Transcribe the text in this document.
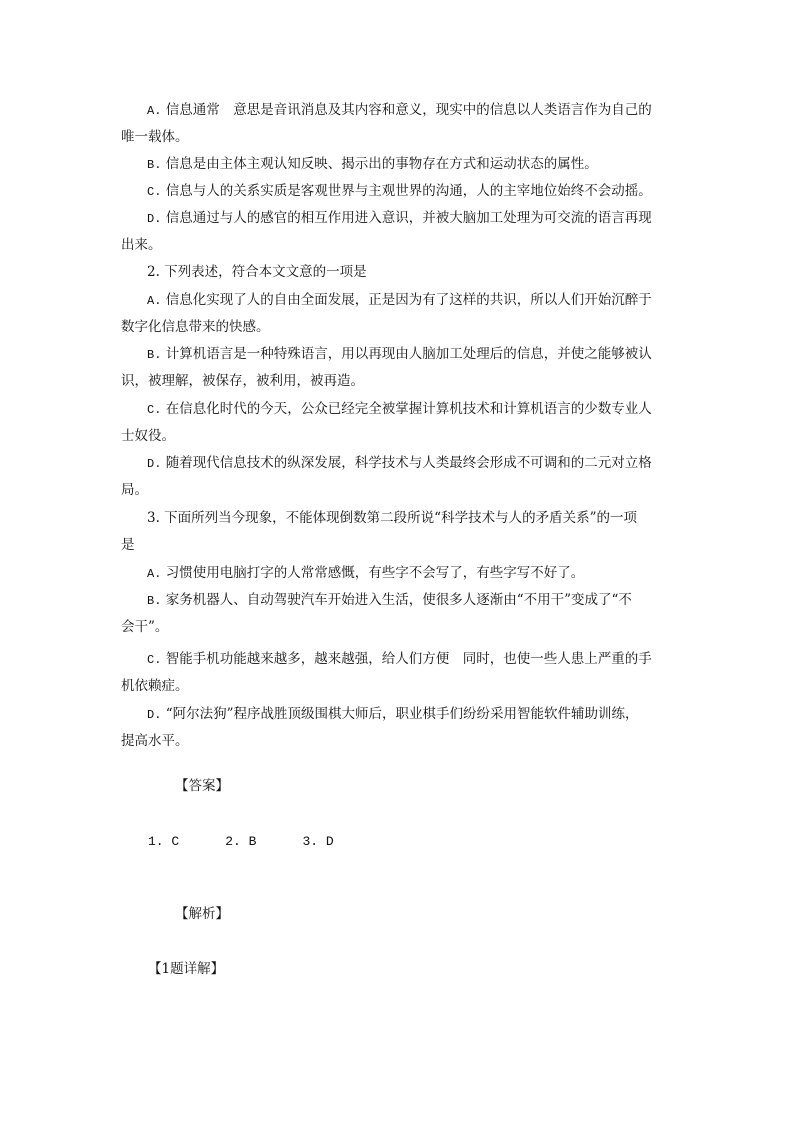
A. 信息通常　意思是音讯消息及其内容和意义，现实中的信息以人类语言作为自己的
唯一载体。
B. 信息是由主体主观认知反映、揭示出的事物存在方式和运动状态的属性。
C. 信息与人的关系实质是客观世界与主观世界的沟通，人的主宰地位始终不会动摇。
D. 信息通过与人的感官的相互作用进入意识，并被大脑加工处理为可交流的语言再现
出来。
2. 下列表述，符合本文文意的一项是
A. 信息化实现了人的自由全面发展，正是因为有了这样的共识，所以人们开始沉醉于
数字化信息带来的快感。
B. 计算机语言是一种特殊语言，用以再现由人脑加工处理后的信息，并使之能够被认
识，被理解，被保存，被利用，被再造。
C. 在信息化时代的今天，公众已经完全被掌握计算机技术和计算机语言的少数专业人
士奴役。
D. 随着现代信息技术的纵深发展，科学技术与人类最终会形成不可调和的二元对立格
局。
3. 下面所列当今现象，不能体现倒数第二段所说“科学技术与人的矛盾关系”的一项
是
A. 习惯使用电脑打字的人常常感慨，有些字不会写了，有些字写不好了。
B. 家务机器人、自动驾驶汽车开始进入生活，使很多人逐渐由“不用干”变成了“不
会干”。
C. 智能手机功能越来越多，越来越强，给人们方便　同时，也使一些人患上严重的手
机依赖症。
D. “阿尔法狗”程序战胜顶级围棋大师后，职业棋手们纷纷采用智能软件辅助训练，
提高水平。
【答案】
1. C	2. B	3. D
【解析】
【1题详解】
